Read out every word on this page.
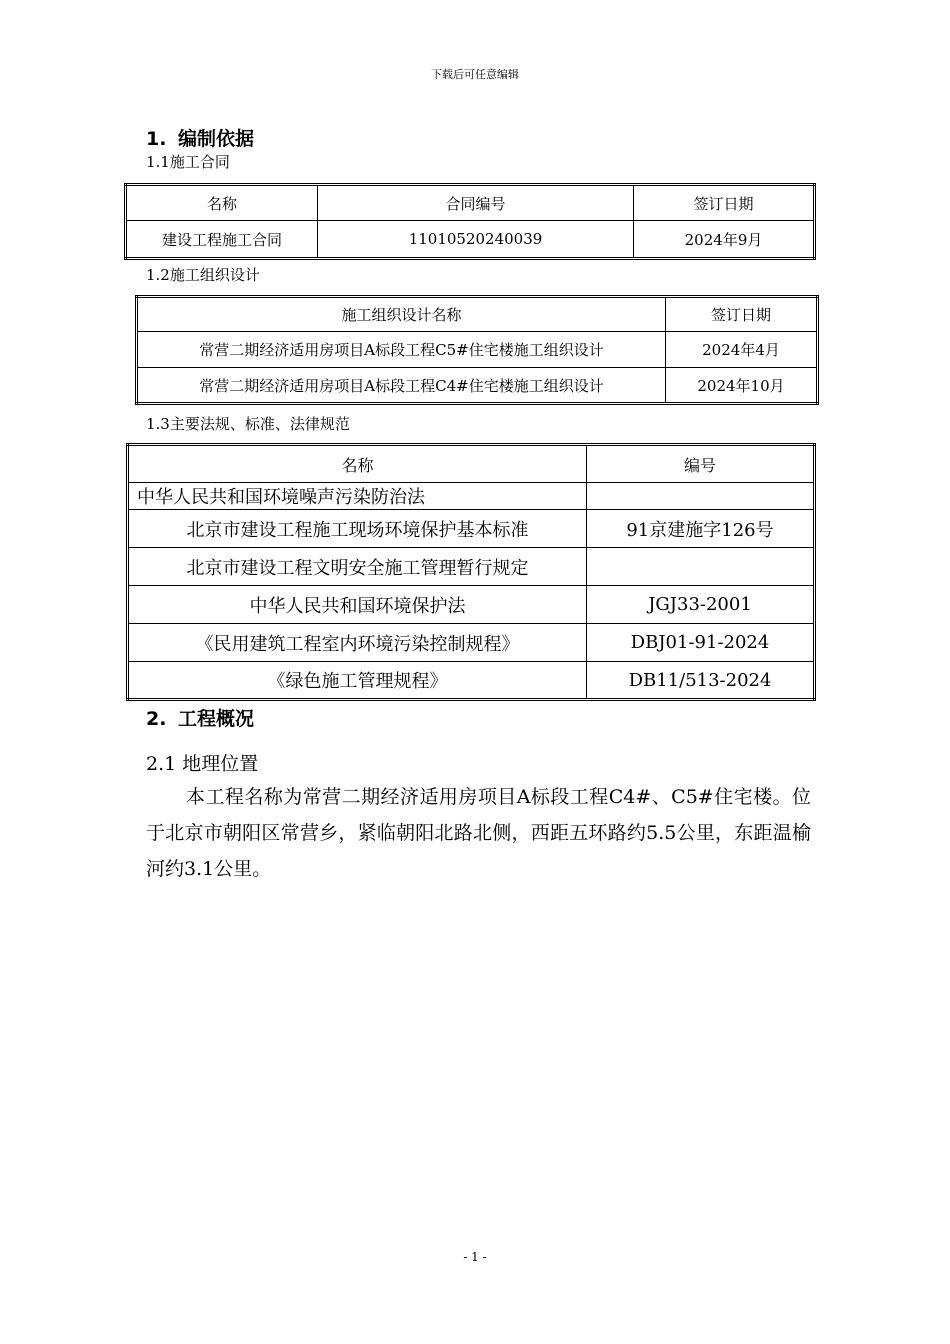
下载后可任意编辑
1. 编制依据
1.1施工合同
名称	合同编号	签订日期
建设工程施工合同	11010520240039	2024年9月
1.2施工组织设计
施工组织设计名称	签订日期
常营二期经济适用房项目A标段工程C5#住宅楼施工组织设计	2024年4月
常营二期经济适用房项目A标段工程C4#住宅楼施工组织设计	2024年10月
1.3主要法规、标准、法律规范
名称	编号
中华人民共和国环境噪声污染防治法	
北京市建设工程施工现场环境保护基本标准	91京建施字126号
北京市建设工程文明安全施工管理暂行规定	
中华人民共和国环境保护法	JGJ33-2001
《民用建筑工程室内环境污染控制规程》	DBJ01-91-2024
《绿色施工管理规程》	DB11/513-2024
2. 工程概况
2.1 地理位置
本工程名称为常营二期经济适用房项目A标段工程C4#、C5#住宅楼。位于北京市朝阳区常营乡，紧临朝阳北路北侧，西距五环路约5.5公里，东距温榆河约3.1公里。
- 1 -
